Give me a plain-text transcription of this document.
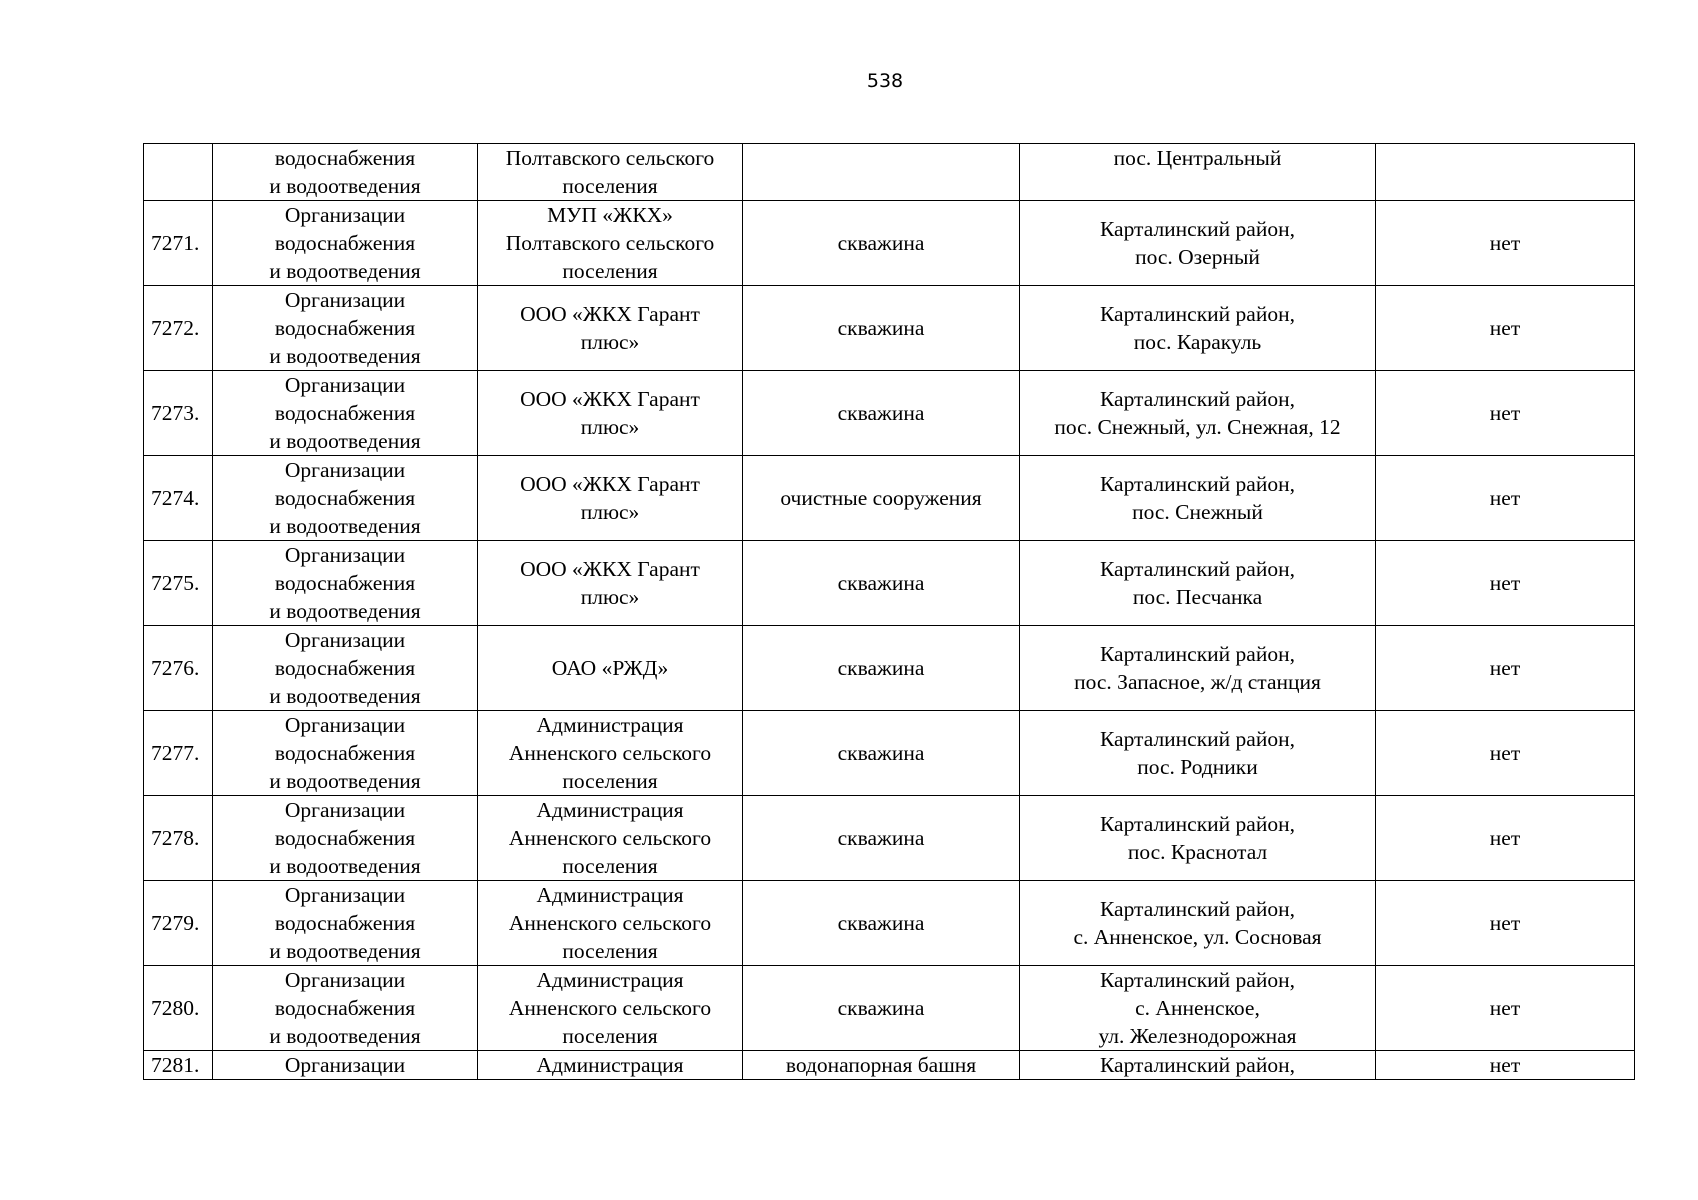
538

	водоснабжения
и водоотведения	Полтавского сельского
поселения		пос. Центральный	

7271.	Организации
водоснабжения
и водоотведения	МУП «ЖКХ»
Полтавского сельского
поселения	скважина	Карталинский район,
пос. Озерный	нет
7272.	Организации
водоснабжения
и водоотведения	ООО «ЖКХ Гарант
плюс»	скважина	Карталинский район,
пос. Каракуль	нет
7273.	Организации
водоснабжения
и водоотведения	ООО «ЖКХ Гарант
плюс»	скважина	Карталинский район,
пос. Снежный, ул. Снежная, 12	нет
7274.	Организации
водоснабжения
и водоотведения	ООО «ЖКХ Гарант
плюс»	очистные сооружения	Карталинский район,
пос. Снежный	нет
7275.	Организации
водоснабжения
и водоотведения	ООО «ЖКХ Гарант
плюс»	скважина	Карталинский район,
пос. Песчанка	нет
7276.	Организации
водоснабжения
и водоотведения	ОАО «РЖД»	скважина	Карталинский район,
пос. Запасное, ж/д станция	нет
7277.	Организации
водоснабжения
и водоотведения	Администрация
Анненского сельского
поселения	скважина	Карталинский район,
пос. Родники	нет
7278.	Организации
водоснабжения
и водоотведения	Администрация
Анненского сельского
поселения	скважина	Карталинский район,
пос. Краснотал	нет
7279.	Организации
водоснабжения
и водоотведения	Администрация
Анненского сельского
поселения	скважина	Карталинский район,
с. Анненское, ул. Сосновая	нет
7280.	Организации
водоснабжения
и водоотведения	Администрация
Анненского сельского
поселения	скважина	Карталинский район,
с. Анненское,
ул. Железнодорожная	нет
7281.	Организации	Администрация	водонапорная башня	Карталинский район,	нет
